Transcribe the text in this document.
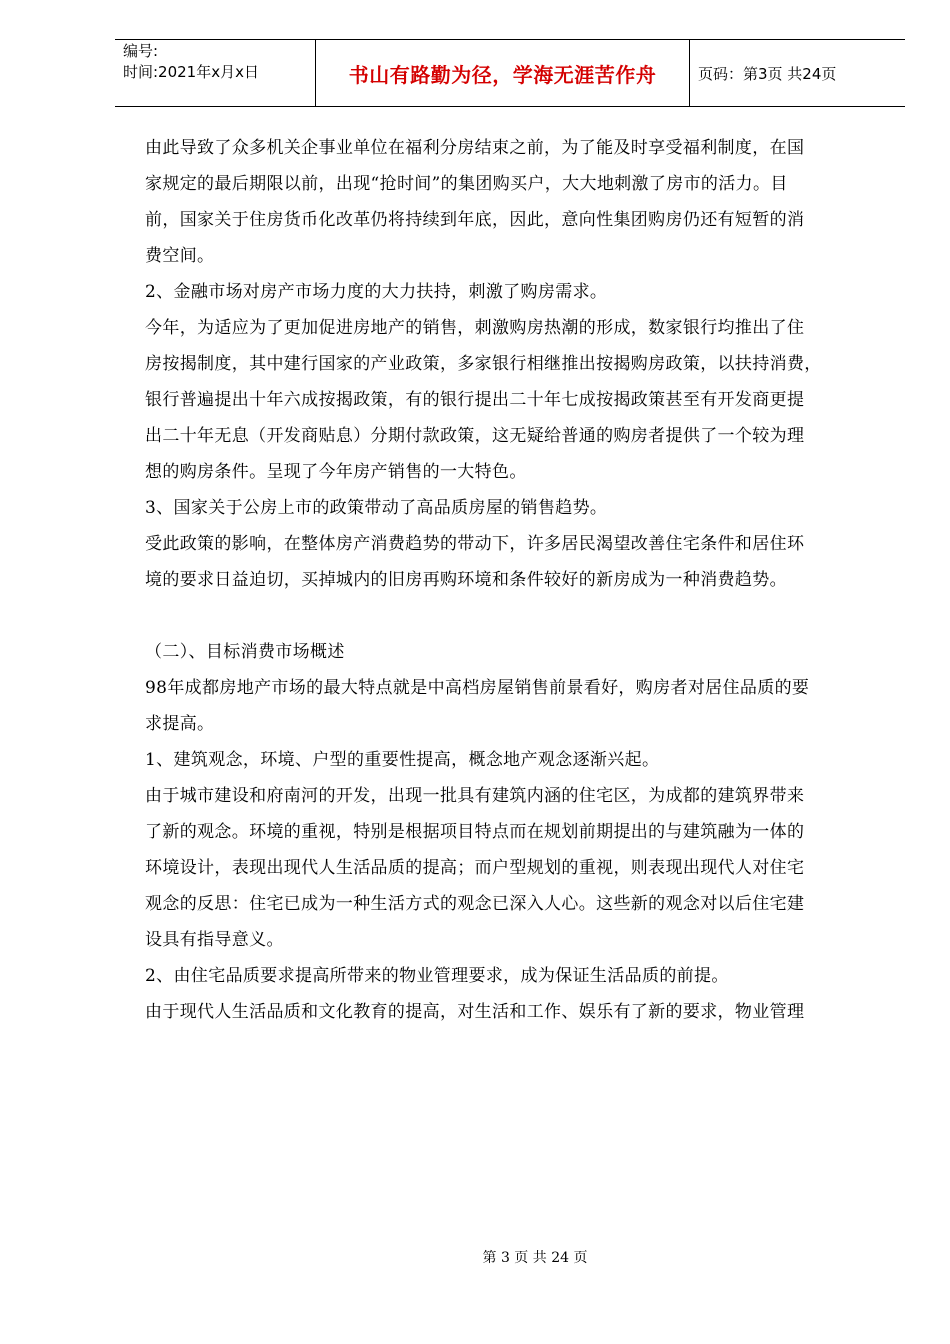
编号:
时间:2021年x月x日	书山有路勤为径，学海无涯苦作舟	页码：第3页 共24页
由此导致了众多机关企事业单位在福利分房结束之前，为了能及时享受福利制度，在国
家规定的最后期限以前，出现“抢时间”的集团购买户，大大地刺激了房市的活力。目
前，国家关于住房货币化改革仍将持续到年底，因此，意向性集团购房仍还有短暂的消
费空间。
2、金融市场对房产市场力度的大力扶持，刺激了购房需求。
今年，为适应为了更加促进房地产的销售，刺激购房热潮的形成，数家银行均推出了住
房按揭制度，其中建行国家的产业政策，多家银行相继推出按揭购房政策，以扶持消费，
银行普遍提出十年六成按揭政策，有的银行提出二十年七成按揭政策甚至有开发商更提
出二十年无息（开发商贴息）分期付款政策，这无疑给普通的购房者提供了一个较为理
想的购房条件。呈现了今年房产销售的一大特色。
3、国家关于公房上市的政策带动了高品质房屋的销售趋势。
受此政策的影响，在整体房产消费趋势的带动下，许多居民渴望改善住宅条件和居住环
境的要求日益迫切，买掉城内的旧房再购环境和条件较好的新房成为一种消费趋势。
（二）、目标消费市场概述
98年成都房地产市场的最大特点就是中高档房屋销售前景看好，购房者对居住品质的要
求提高。
1、建筑观念，环境、户型的重要性提高，概念地产观念逐渐兴起。
由于城市建设和府南河的开发，出现一批具有建筑内涵的住宅区，为成都的建筑界带来
了新的观念。环境的重视，特别是根据项目特点而在规划前期提出的与建筑融为一体的
环境设计，表现出现代人生活品质的提高；而户型规划的重视，则表现出现代人对住宅
观念的反思：住宅已成为一种生活方式的观念已深入人心。这些新的观念对以后住宅建
设具有指导意义。
2、由住宅品质要求提高所带来的物业管理要求，成为保证生活品质的前提。
由于现代人生活品质和文化教育的提高，对生活和工作、娱乐有了新的要求，物业管理
第 3 页 共 24 页
